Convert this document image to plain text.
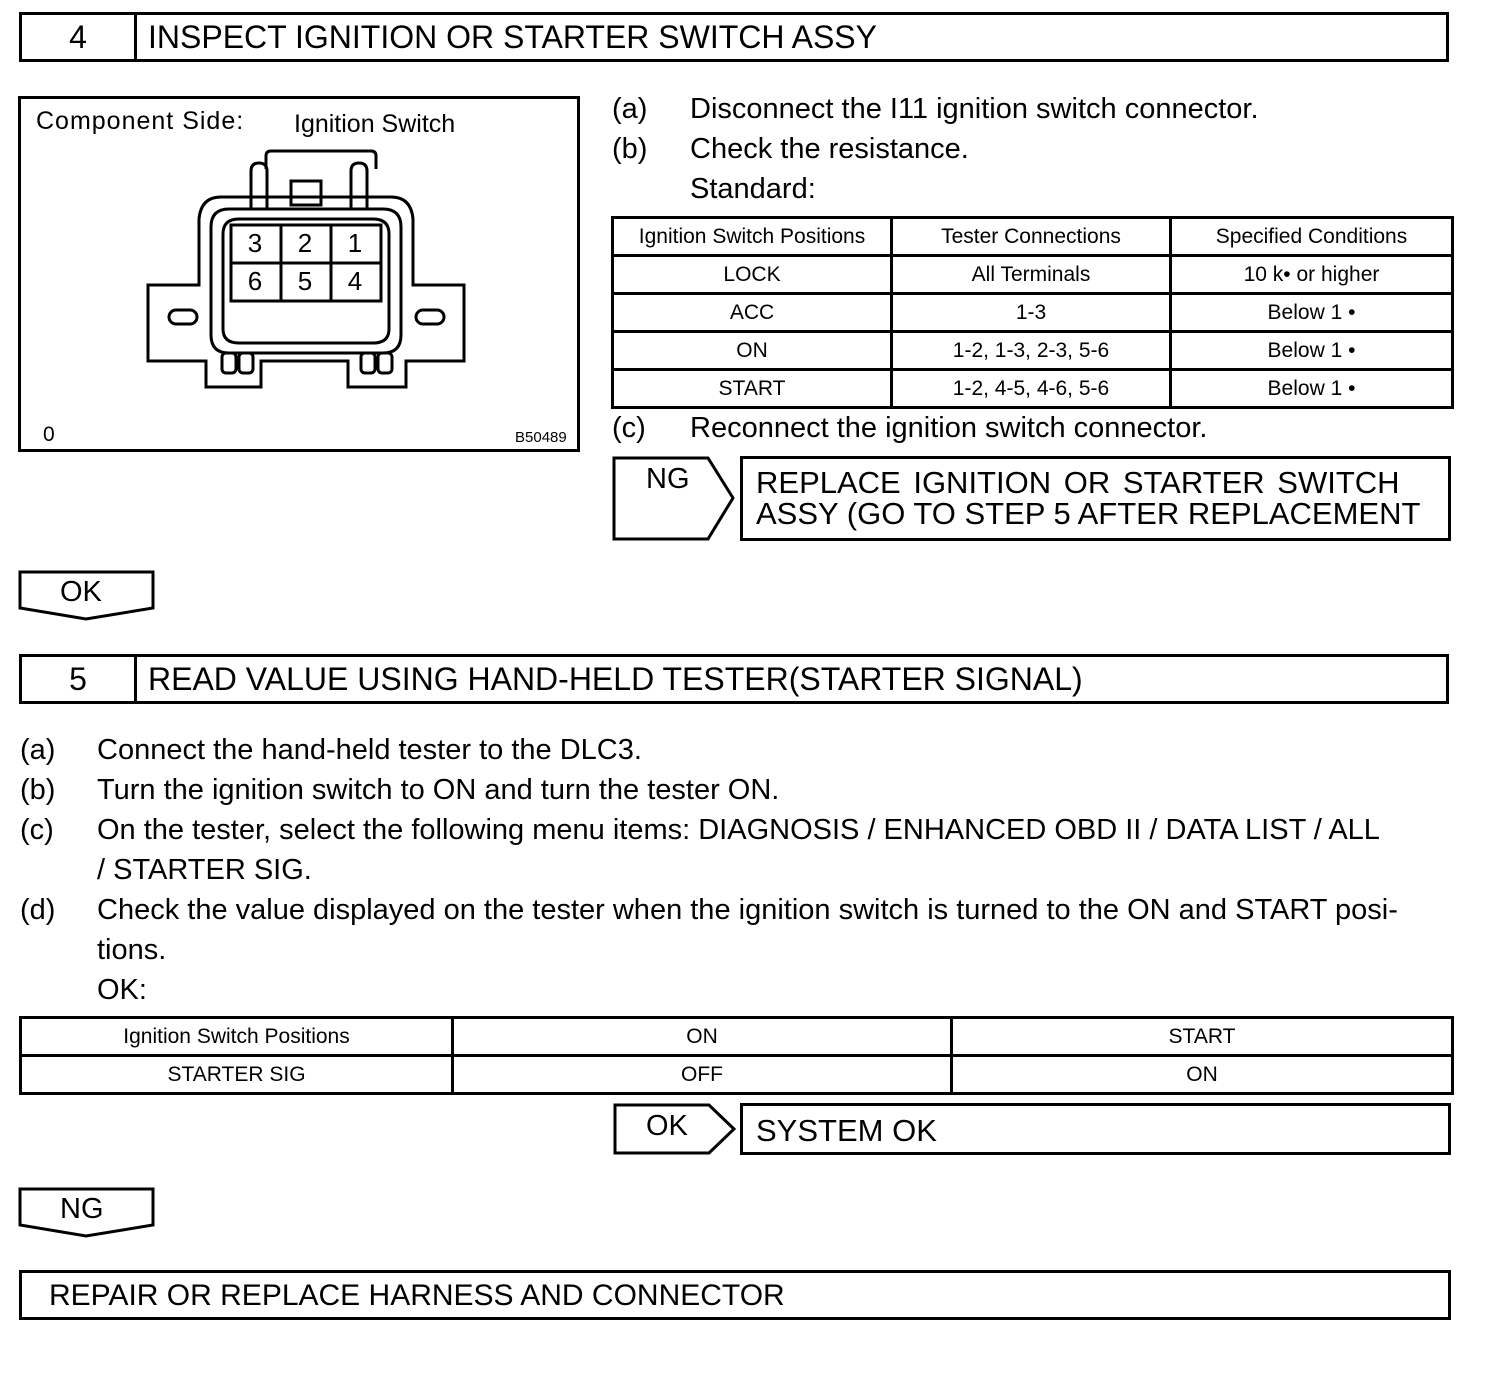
4	INSPECT IGNITION OR STARTER SWITCH ASSY
Component Side: Ignition Switch
3	2	1
6	5	4
0	B50489
(a) Disconnect the I11 ignition switch connector.
(b) Check the resistance.
Standard:
Ignition Switch Positions	Tester Connections	Specified Conditions
LOCK	All Terminals	10 k• or higher
ACC	1-3	Below 1 •
ON	1-2, 1-3, 2-3, 5-6	Below 1 •
START	1-2, 4-5, 4-6, 5-6	Below 1 •
(c) Reconnect the ignition switch connector.
NG REPLACE IGNITION OR STARTER SWITCH
ASSY (GO TO STEP 5 AFTER REPLACEMENT
OK
5	READ VALUE USING HAND-HELD TESTER(STARTER SIGNAL)
(a) Connect the hand-held tester to the DLC3.
(b) Turn the ignition switch to ON and turn the tester ON.
(c) On the tester, select the following menu items: DIAGNOSIS / ENHANCED OBD II / DATA LIST / ALL
/ STARTER SIG.
(d) Check the value displayed on the tester when the ignition switch is turned to the ON and START posi-
tions.
OK:
Ignition Switch Positions	ON	START
STARTER SIG	OFF	ON
OK SYSTEM OK
NG
REPAIR OR REPLACE HARNESS AND CONNECTOR
